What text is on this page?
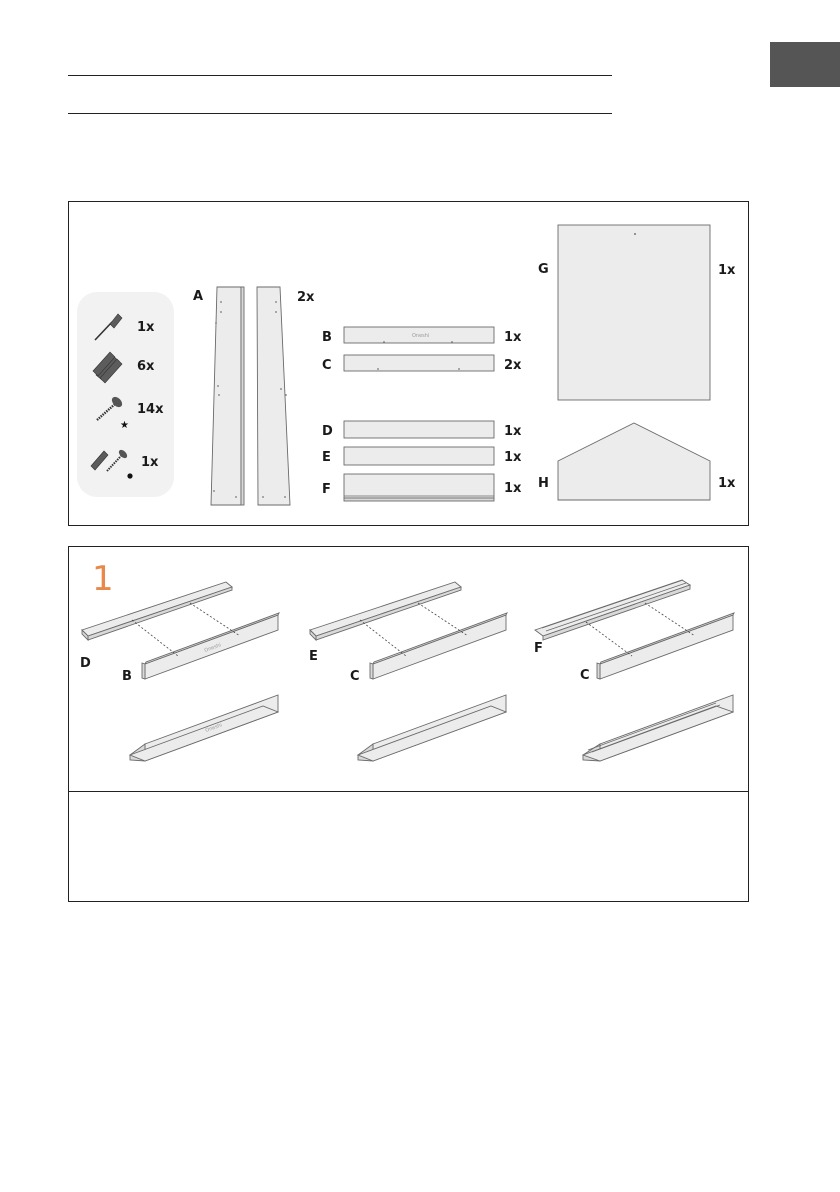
1x
6x
★
14x
1x
A	2x
B	Oneshi	1x
C	2x
D	1x
E	1x
F	1x
G	1x
H	1x
1
Oneshi
D
B
Oneshi
E
C
F
C
